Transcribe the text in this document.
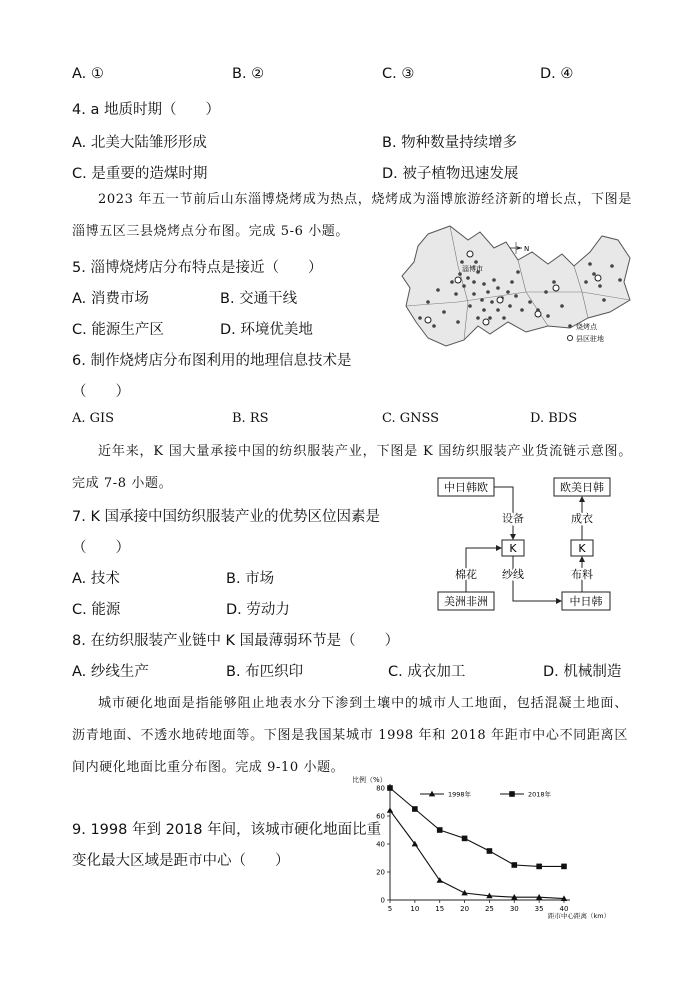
A. ①	B. ②	C. ③	D. ④
4. a 地质时期（　　）
A. 北美大陆雏形形成	B. 物种数量持续增多
C. 是重要的造煤时期	D. 被子植物迅速发展
2023 年五一节前后山东淄博烧烤成为热点，烧烤成为淄博旅游经济新的增长点，下图是淄博五区三县烧烤点分布图。完成 5-6 小题。
5. 淄博烧烤店分布特点是接近（　　）
A. 消费市场	B. 交通干线
C. 能源生产区	D. 环境优美地
6. 制作烧烤店分布图利用的地理信息技术是
（　　）
A. GIS	B. RS	C. GNSS	D. BDS
淄博市
N
烧烤点
县区驻地
近年来，K 国大量承接中国的纺织服装产业，下图是 K 国纺织服装产业货流链示意图。完成 7-8 小题。
7. K 国承接中国纺织服装产业的优势区位因素是
（　　）
A. 技术	B. 市场
C. 能源	D. 劳动力
中日韩欧	欧美日韩
K	K
美洲非洲	中日韩
设备
棉花 纱线	布料
成衣
8. 在纺织服装产业链中 K 国最薄弱环节是（　　）
A. 纱线生产	B. 布匹织印	C. 成衣加工	D. 机械制造
城市硬化地面是指能够阻止地表水分下渗到土壤中的城市人工地面，包括混凝土地面、沥青地面、不透水地砖地面等。下图是我国某城市 1998 年和 2018 年距市中心不同距离区间内硬化地面比重分布图。完成 9-10 小题。
9. 1998 年到 2018 年间，该城市硬化地面比重
变化最大区域是距市中心（　　）
比例（%）
0
20
40
60
80
5	10 15 20 25 30 35 40
1998年	2018年
距市中心距离（km）
